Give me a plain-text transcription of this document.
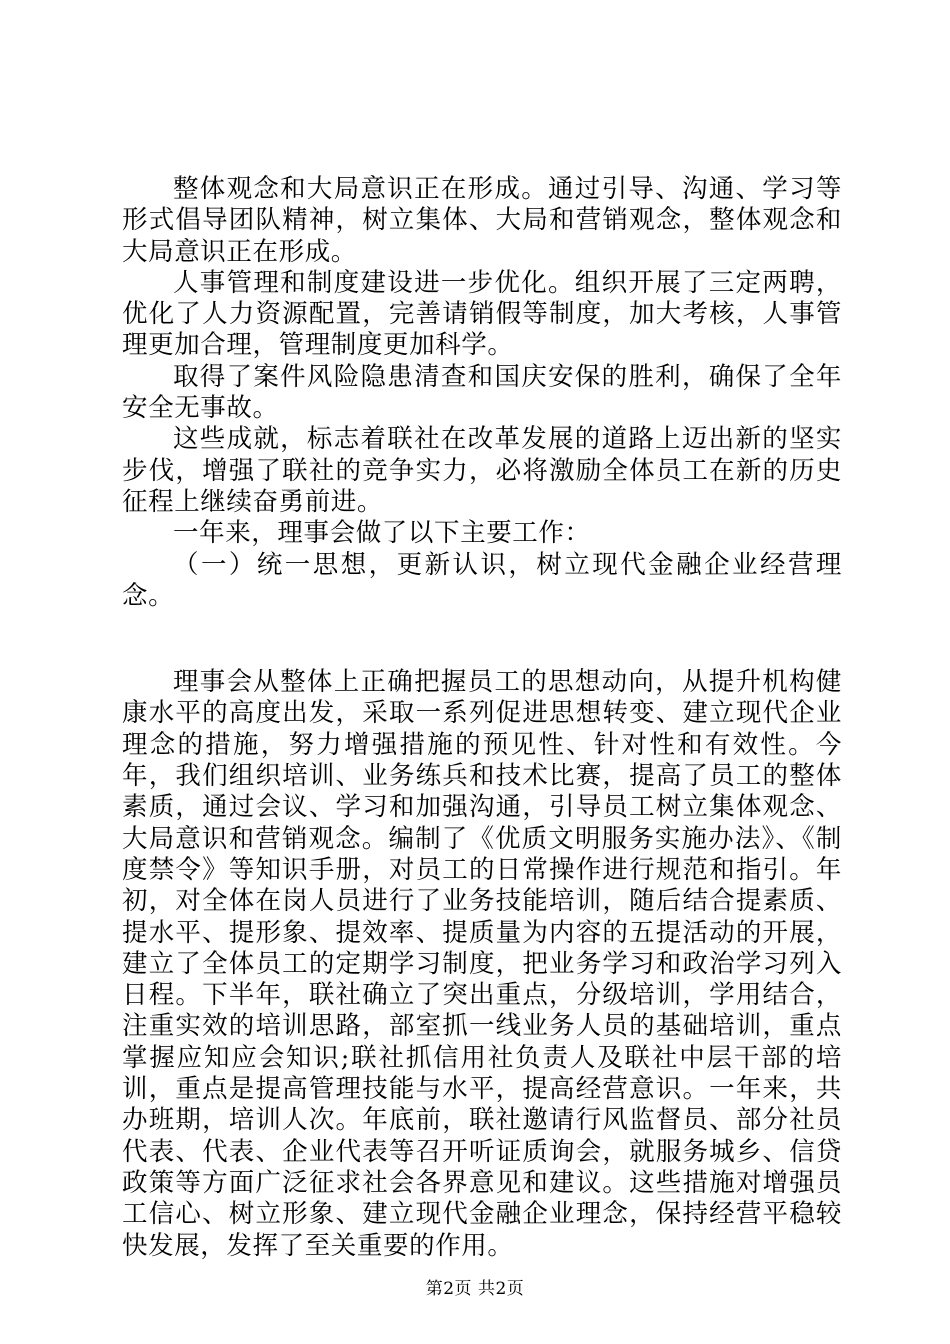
整体观念和大局意识正在形成。通过引导、沟通、学习等形式倡导团队精神，树立集体、大局和营销观念，整体观念和大局意识正在形成。

人事管理和制度建设进一步优化。组织开展了三定两聘，优化了人力资源配置，完善请销假等制度，加大考核，人事管理更加合理，管理制度更加科学。

取得了案件风险隐患清查和国庆安保的胜利，确保了全年安全无事故。

这些成就，标志着联社在改革发展的道路上迈出新的坚实步伐，增强了联社的竞争实力，必将激励全体员工在新的历史征程上继续奋勇前进。

一年来，理事会做了以下主要工作：

（一）统一思想，更新认识，树立现代金融企业经营理念。

理事会从整体上正确把握员工的思想动向，从提升机构健康水平的高度出发，采取一系列促进思想转变、建立现代企业理念的措施，努力增强措施的预见性、针对性和有效性。今年，我们组织培训、业务练兵和技术比赛，提高了员工的整体素质，通过会议、学习和加强沟通，引导员工树立集体观念、大局意识和营销观念。编制了《优质文明服务实施办法》、《制度禁令》等知识手册，对员工的日常操作进行规范和指引。年初，对全体在岗人员进行了业务技能培训，随后结合提素质、提水平、提形象、提效率、提质量为内容的五提活动的开展，建立了全体员工的定期学习制度，把业务学习和政治学习列入日程。下半年，联社确立了突出重点，分级培训，学用结合，注重实效的培训思路，部室抓一线业务人员的基础培训，重点掌握应知应会知识;联社抓信用社负责人及联社中层干部的培训，重点是提高管理技能与水平，提高经营意识。一年来，共办班期，培训人次。年底前，联社邀请行风监督员、部分社员代表、代表、企业代表等召开听证质询会，就服务城乡、信贷政策等方面广泛征求社会各界意见和建议。这些措施对增强员工信心、树立形象、建立现代金融企业理念，保持经营平稳较快发展，发挥了至关重要的作用。

第2页 共2页
